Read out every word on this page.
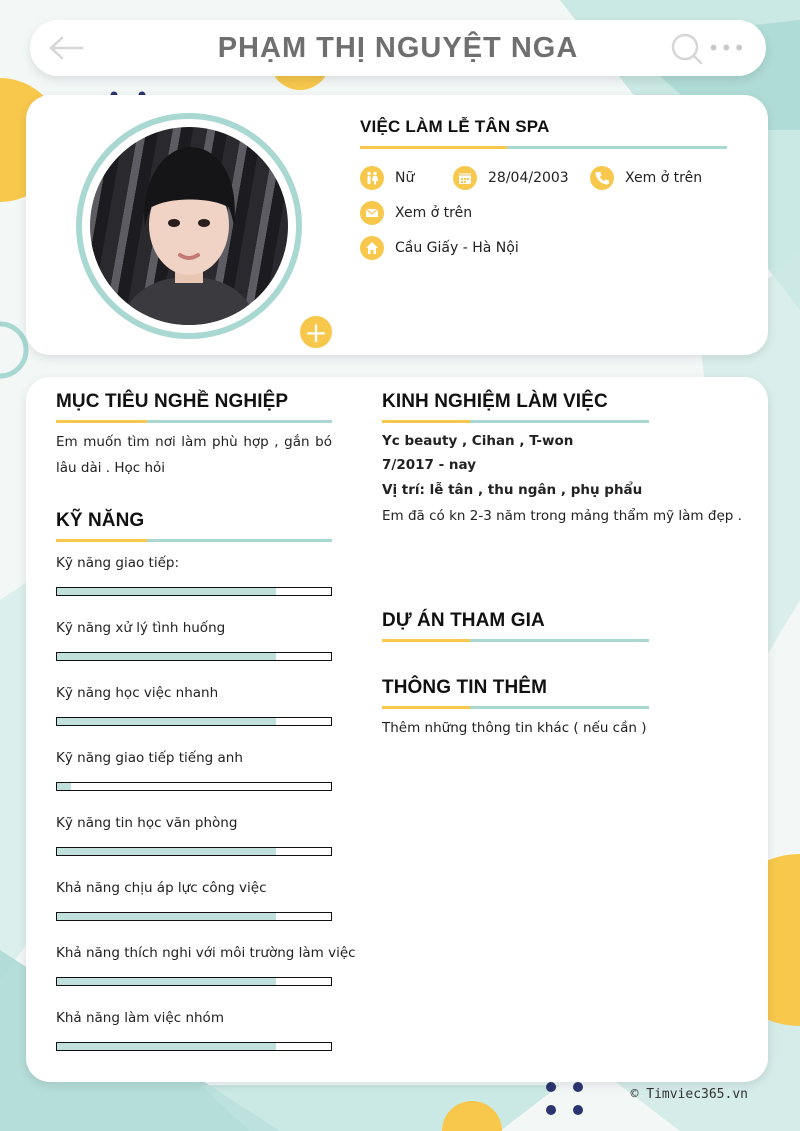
PHẠM THỊ NGUYỆT NGA	•••
+
VIỆC LÀM LỄ TÂN SPA
Nữ	28/04/2003	Xem ở trên
Xem ở trên
Cầu Giấy - Hà Nội
MỤC TIÊU NGHỀ NGHIỆP
Em muốn tìm nơi làm phù hợp , gắn bó lâu dài . Học hỏi
KỸ NĂNG
Kỹ năng giao tiếp:
Kỹ năng xử lý tình huống
Kỹ năng học việc nhanh
Kỹ năng giao tiếp tiếng anh
Kỹ năng tin học văn phòng
Khả năng chịu áp lực công việc
Khả năng thích nghi với môi trường làm việc
Khả năng làm việc nhóm
KINH NGHIỆM LÀM VIỆC
Yc beauty , Cihan , T-won
7/2017 - nay
Vị trí: lễ tân , thu ngân , phụ phẩu
Em đã có kn 2-3 năm trong mảng thẩm mỹ làm đẹp .
DỰ ÁN THAM GIA
THÔNG TIN THÊM
Thêm những thông tin khác ( nếu cần )
© Timviec365.vn
